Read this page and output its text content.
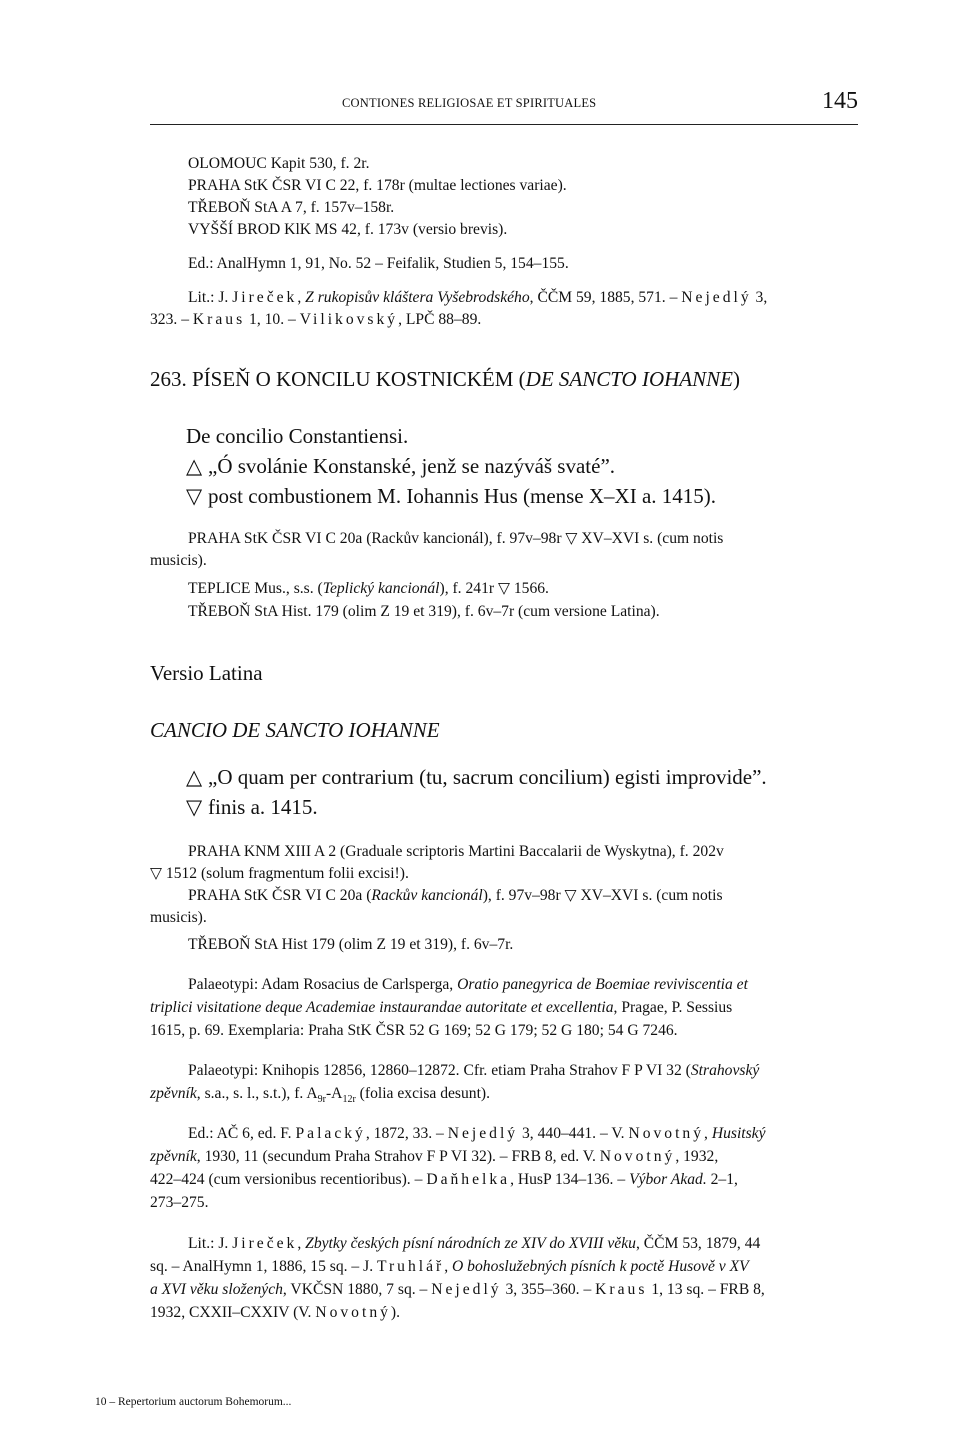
CONTIONES RELIGIOSAE ET SPIRITUALES	145
OLOMOUC Kapit 530, f. 2r.
PRAHA StK ČSR VI C 22, f. 178r (multae lectiones variae).
TŘEBOŇ StA A 7, f. 157v–158r.
VYŠŠÍ BROD KlK MS 42, f. 173v (versio brevis).
Ed.: AnalHymn 1, 91, No. 52 – Feifalik, Studien 5, 154–155.
Lit.: J. Jireček, Z rukopisův kláštera Vyšebrodského, ČČM 59, 1885, 571. – Nejedlý 3,
323. – Kraus 1, 10. – Vilikovský, LPČ 88–89.
263. PÍSEŇ O KONCILU KOSTNICKÉM (DE SANCTO IOHANNE)
De concilio Constantiensi.
△ „Ó svolánie Konstanské, jenž se nazýváš svaté”.
▽ post combustionem M. Iohannis Hus (mense X–XI a. 1415).
PRAHA StK ČSR VI C 20a (Rackův kancionál), f. 97v–98r ▽ XV–XVI s. (cum notis
musicis).
TEPLICE Mus., s.s. (Teplický kancionál), f. 241r ▽ 1566.
TŘEBOŇ StA Hist. 179 (olim Z 19 et 319), f. 6v–7r (cum versione Latina).
Versio Latina
CANCIO DE SANCTO IOHANNE
△ „O quam per contrarium (tu, sacrum concilium) egisti improvide”.
▽ finis a. 1415.
PRAHA KNM XIII A 2 (Graduale scriptoris Martini Baccalarii de Wyskytna), f. 202v
▽ 1512 (solum fragmentum folii excisi!).
PRAHA StK ČSR VI C 20a (Rackův kancionál), f. 97v–98r ▽ XV–XVI s. (cum notis
musicis).
TŘEBOŇ StA Hist 179 (olim Z 19 et 319), f. 6v–7r.
Palaeotypi: Adam Rosacius de Carlsperga, Oratio panegyrica de Boemiae reviviscentia et
triplici visitatione deque Academiae instaurandae autoritate et excellentia, Pragae, P. Sessius
1615, p. 69. Exemplaria: Praha StK ČSR 52 G 169; 52 G 179; 52 G 180; 54 G 7246.
Palaeotypi: Knihopis 12856, 12860–12872. Cfr. etiam Praha Strahov F P VI 32 (Strahovský
zpěvník, s.a., s. l., s.t.), f. $A_{9r}-A_{12r}$ (folia excisa desunt).
Ed.: AČ 6, ed. F. Palacký, 1872, 33. – Nejedlý 3, 440–441. – V. Novotný, Husitský
zpěvník, 1930, 11 (secundum Praha Strahov F P VI 32). – FRB 8, ed. V. Novotný, 1932,
422–424 (cum versionibus recentioribus). – Daňhelka, HusP 134–136. – Výbor Akad. 2–1,
273–275.
Lit.: J. Jireček, Zbytky českých písní národních ze XIV do XVIII věku, ČČM 53, 1879, 44
sq. – AnalHymn 1, 1886, 15 sq. – J. Truhlář, O bohoslužebných písních k poctě Husově v XV
a XVI věku složených, VKČSN 1880, 7 sq. – Nejedlý 3, 355–360. – Kraus 1, 13 sq. – FRB 8,
1932, CXXII–CXXIV (V. Novotný).
10 – Repertorium auctorum Bohemorum...
